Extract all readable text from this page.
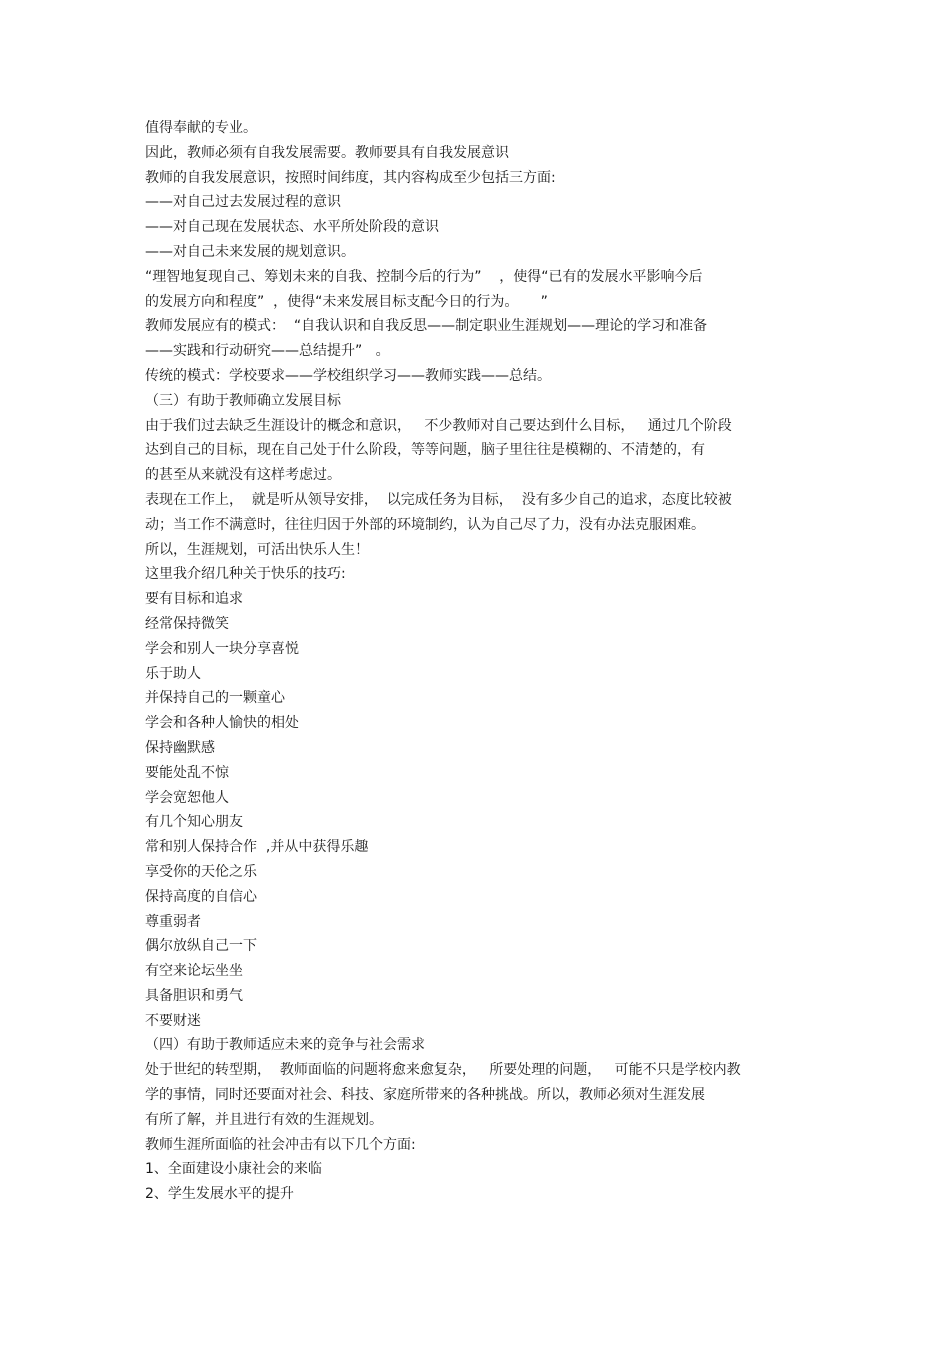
值得奉献的专业。
因此，教师必须有自我发展需要。教师要具有自我发展意识
教师的自我发展意识，按照时间纬度，其内容构成至少包括三方面:
——对自己过去发展过程的意识
——对自己现在发展状态、水平所处阶段的意识
——对自己未来发展的规划意识。
“理智地复现自己、筹划未来的自我、控制今后的行为”    ，使得“已有的发展水平影响今后
的发展方向和程度”  ，使得“未来发展目标支配今日的行为。     ”
教师发展应有的模式：  “自我认识和自我反思——制定职业生涯规划——理论的学习和准备
——实践和行动研究——总结提升”   。
传统的模式：学校要求——学校组织学习——教师实践——总结。
（三）有助于教师确立发展目标
由于我们过去缺乏生涯设计的概念和意识，   不少教师对自己要达到什么目标，   通过几个阶段
达到自己的目标，现在自己处于什么阶段，等等问题，脑子里往往是模糊的、不清楚的，有
的甚至从来就没有这样考虑过。
表现在工作上，  就是听从领导安排，  以完成任务为目标，  没有多少自己的追求，态度比较被
动；当工作不满意时，往往归因于外部的环境制约，认为自己尽了力，没有办法克服困难。
所以，生涯规划，可活出快乐人生！
这里我介绍几种关于快乐的技巧:
要有目标和追求
经常保持微笑
学会和别人一块分享喜悦
乐于助人
并保持自己的一颗童心
学会和各种人愉快的相处
保持幽默感
要能处乱不惊
学会宽恕他人
有几个知心朋友
常和别人保持合作  ,并从中获得乐趣
享受你的天伦之乐
保持高度的自信心
尊重弱者
偶尔放纵自己一下
有空来论坛坐坐
具备胆识和勇气
不要财迷
（四）有助于教师适应未来的竞争与社会需求
处于世纪的转型期，  教师面临的问题将愈来愈复杂，   所要处理的问题，   可能不只是学校内教
学的事情，同时还要面对社会、科技、家庭所带来的各种挑战。所以，教师必须对生涯发展
有所了解，并且进行有效的生涯规划。
教师生涯所面临的社会冲击有以下几个方面:
1、全面建设小康社会的来临
2、学生发展水平的提升
